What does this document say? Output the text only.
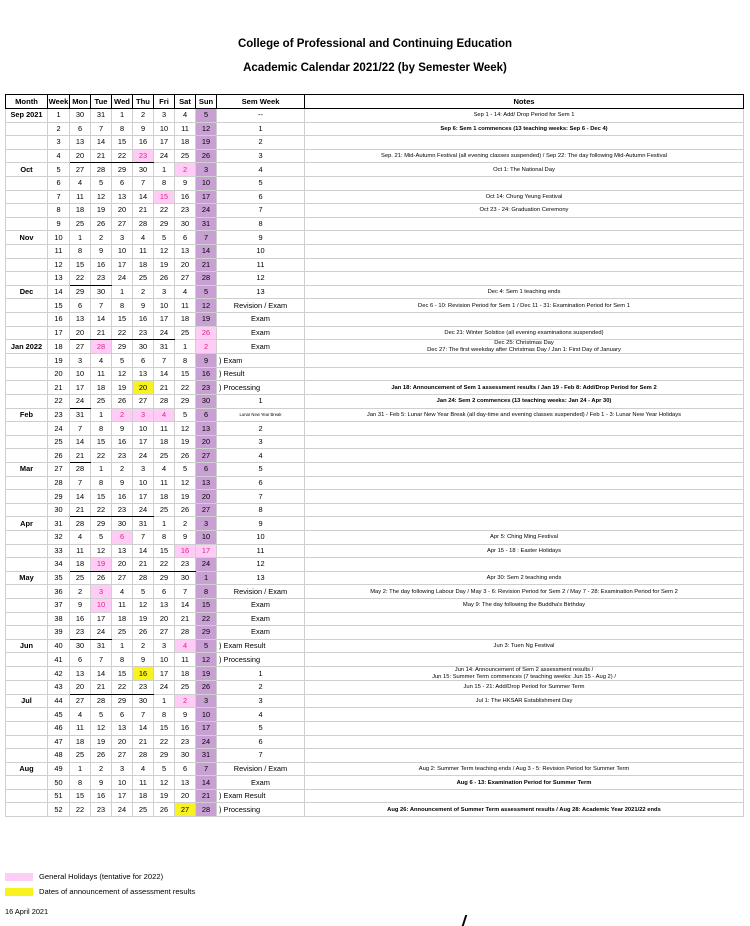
College of Professional and Continuing Education
Academic Calendar 2021/22 (by Semester Week)
Month	Week	Mon	Tue	Wed	Thu	Fri	Sat	Sun	Sem Week	Notes
Sep 2021	1	30	31	1	2	3	4	5	--	Sep 1 - 14: Add/ Drop Period for Sem 1
	2	6	7	8	9	10	11	12	1	Sep 6: Sem 1 commences (13 teaching weeks: Sep 6 - Dec 4)
	3	13	14	15	16	17	18	19	2	
	4	20	21	22	23	24	25	26	3	Sep. 21: Mid-Autumn Festival (all evening classes suspended) / Sep 22: The day following Mid-Autumn Festival
Oct	5	27	28	29	30	1	2	3	4	Oct 1: The National Day
	6	4	5	6	7	8	9	10	5	
	7	11	12	13	14	15	16	17	6	Oct 14: Chung Yeung Festival
	8	18	19	20	21	22	23	24	7	Oct 23 - 24: Graduation Ceremony
	9	25	26	27	28	29	30	31	8	
Nov	10	1	2	3	4	5	6	7	9	
	11	8	9	10	11	12	13	14	10	
	12	15	16	17	18	19	20	21	11	
	13	22	23	24	25	26	27	28	12	
Dec	14	29	30	1	2	3	4	5	13	Dec 4: Sem 1 teaching ends
	15	6	7	8	9	10	11	12	Revision / Exam	Dec 6 - 10: Revision Period for Sem 1 / Dec 11 - 31: Examination Period for Sem 1
	16	13	14	15	16	17	18	19	Exam	
	17	20	21	22	23	24	25	26	Exam	Dec 21: Winter Solstice (all evening examinations suspended)
Jan 2022	18	27	28	29	30	31	1	2	Exam	Dec 25: Christmas Day
Dec 27: The first weekday after Christmas Day / Jan 1: First Day of January
	19	3	4	5	6	7	8	9	) Exam	
	20	10	11	12	13	14	15	16	) Result	
	21	17	18	19	20	21	22	23	) Processing	Jan 18: Announcement of Sem 1 assessment results / Jan 19 - Feb 8: Add/Drop Period for Sem 2
	22	24	25	26	27	28	29	30	1	Jan 24: Sem 2 commences (13 teaching weeks: Jan 24 - Apr 30)
Feb	23	31	1	2	3	4	5	6	Lunar New Year Break	Jan 31 - Feb 5: Lunar New Year Break (all day-time and evening classes suspended) / Feb 1 - 3: Lunar New Year Holidays
	24	7	8	9	10	11	12	13	2	
	25	14	15	16	17	18	19	20	3	
	26	21	22	23	24	25	26	27	4	
Mar	27	28	1	2	3	4	5	6	5	
	28	7	8	9	10	11	12	13	6	
	29	14	15	16	17	18	19	20	7	
	30	21	22	23	24	25	26	27	8	
Apr	31	28	29	30	31	1	2	3	9	
	32	4	5	6	7	8	9	10	10	Apr 5: Ching Ming Festival
	33	11	12	13	14	15	16	17	11	Apr 15 - 18 : Easter Holidays
	34	18	19	20	21	22	23	24	12	
May	35	25	26	27	28	29	30	1	13	Apr 30: Sem 2 teaching ends
	36	2	3	4	5	6	7	8	Revision / Exam	May 2: The day following Labour Day / May 3 - 6: Revision Period for Sem 2 / May 7 - 28: Examination Period for Sem 2
	37	9	10	11	12	13	14	15	Exam	May 9: The day following the Buddha's Birthday
	38	16	17	18	19	20	21	22	Exam	
	39	23	24	25	26	27	28	29	Exam	
Jun	40	30	31	1	2	3	4	5	) Exam Result	Jun 3: Tuen Ng Festival
	41	6	7	8	9	10	11	12	) Processing	
	42	13	14	15	16	17	18	19	1	Jun 14: Announcement of Sem 2 assessment results /
Jun 15: Summer Term commences (7 teaching weeks: Jun 15 - Aug 2) /
	43	20	21	22	23	24	25	26	2	Jun 15 - 21: Add/Drop Period for Summer Term
Jul	44	27	28	29	30	1	2	3	3	Jul 1: The HKSAR Establishment Day
	45	4	5	6	7	8	9	10	4	
	46	11	12	13	14	15	16	17	5	
	47	18	19	20	21	22	23	24	6	
	48	25	26	27	28	29	30	31	7	
Aug	49	1	2	3	4	5	6	7	Revision / Exam	Aug 2: Summer Term teaching ends / Aug 3 - 5: Revision Period for Summer Term
	50	8	9	10	11	12	13	14	Exam	Aug 6 - 13: Examination Period for Summer Term
	51	15	16	17	18	19	20	21	) Exam Result	
	52	22	23	24	25	26	27	28	) Processing	Aug 26: Announcement of Summer Term assessment results / Aug 28: Academic Year 2021/22 ends
General Holidays (tentative for 2022)
Dates of announcement of assessment results
16 April 2021
